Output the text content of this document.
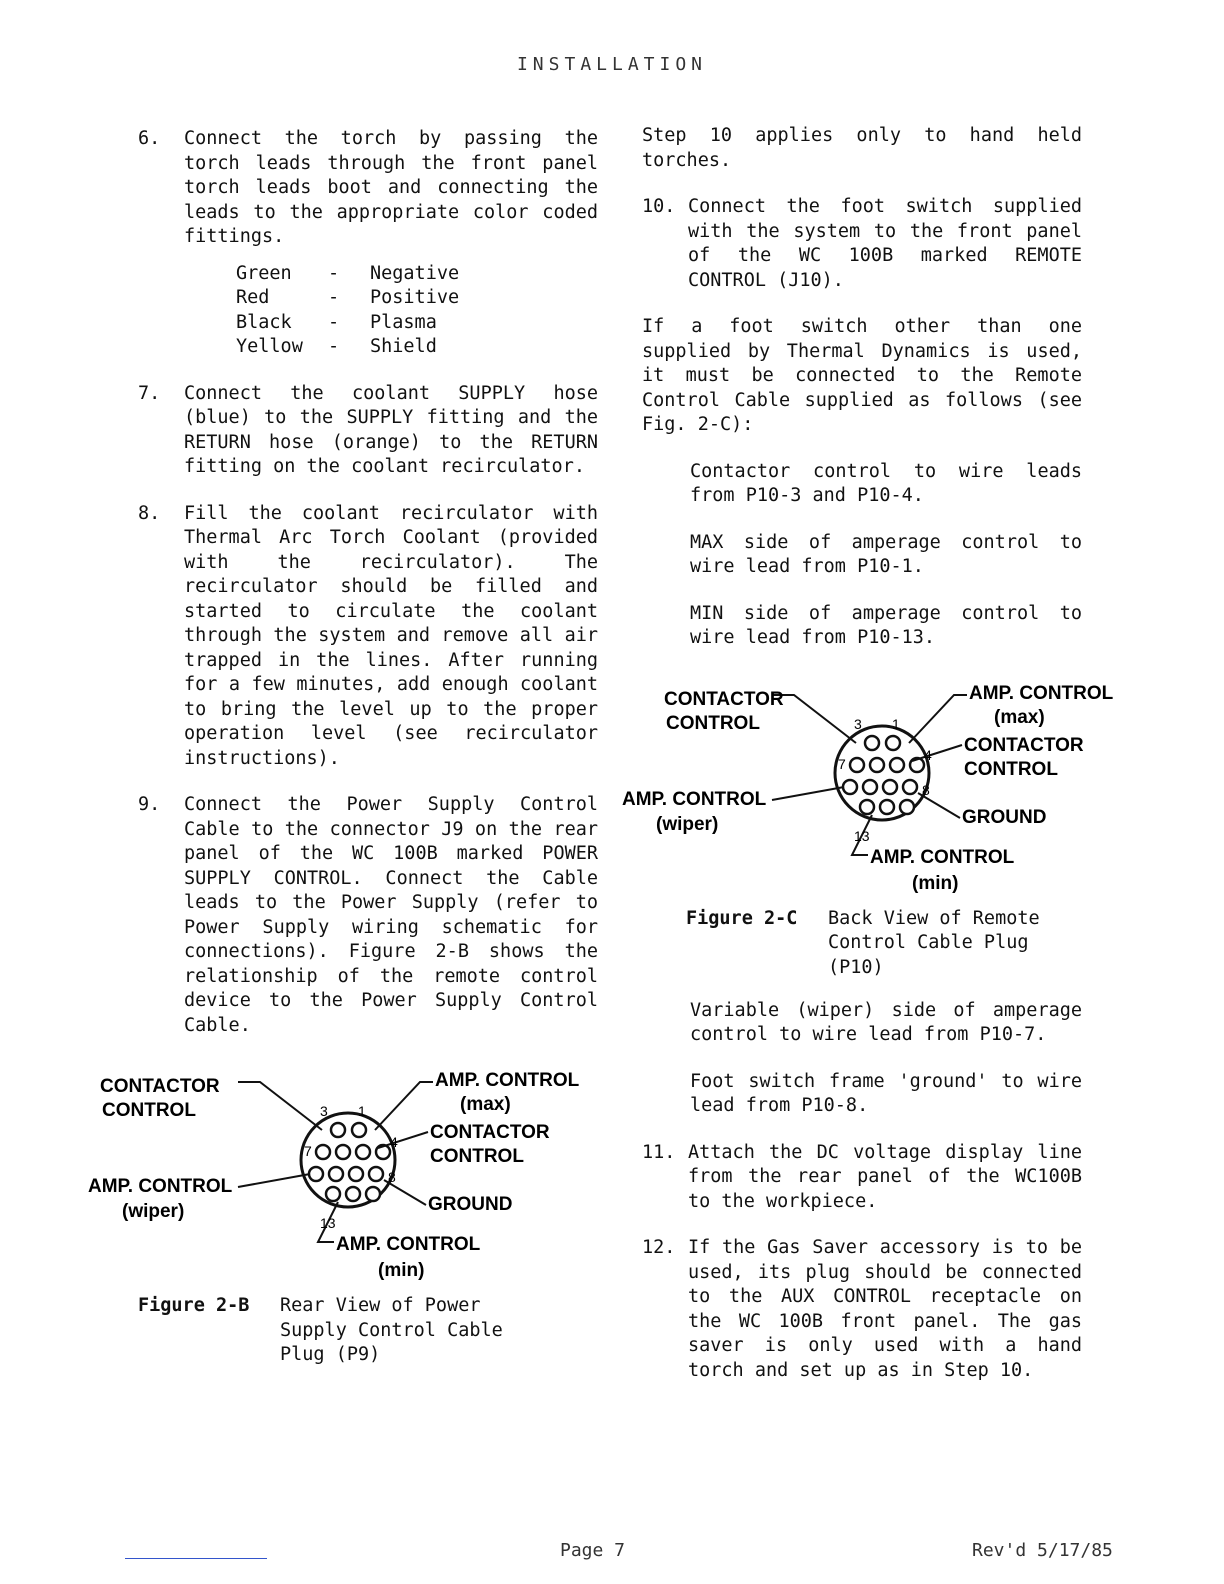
INSTALLATION
6. Connect the torch by passing the torch leads through the front panel torch leads boot and connecting the leads to the appropriate color coded fittings.

Green	-	Negative
Red	-	Positive
Black	-	Plasma
Yellow	-	Shield
7. Connect the coolant SUPPLY hose (blue) to the SUPPLY fitting and the RETURN hose (orange) to the RETURN fitting on the coolant recirculator.

8. Fill the coolant recirculator with Thermal Arc Torch Coolant (provided with the recirculator). The recirculator should be filled and started to circulate the coolant through the system and remove all air trapped in the lines. After running for a few minutes, add enough coolant to bring the level up to the proper operation level (see recirculator instructions).

9. Connect the Power Supply Control Cable to the connector J9 on the rear panel of the WC 100B marked POWER SUPPLY CONTROL. Connect the Cable leads to the Power Supply (refer to Power Supply wiring schematic for connections). Figure 2-B shows the relationship of the remote control device to the Power Supply Control Cable.

CONTACTOR
CONTROL
AMP. CONTROL
(max)
CONTACTOR
CONTROL
AMP. CONTROL
(wiper)	GROUND
AMP. CONTROL
(min)
3 1
4
7
8
13
Figure 2-B Rear View of Power Supply Control Cable Plug (P9)

Step 10 applies only to hand held torches.

10. Connect the foot switch supplied with the system to the front panel of the WC 100B marked REMOTE CONTROL (J10).

If a foot switch other than one supplied by Thermal Dynamics is used, it must be connected to the Remote Control Cable supplied as follows (see Fig. 2-C):

Contactor control to wire leads from P10-3 and P10-4.

MAX side of amperage control to wire lead from P10-1.

MIN side of amperage control to wire lead from P10-13.

CONTACTOR
CONTROL
AMP. CONTROL
(max)
CONTACTOR
CONTROL
AMP. CONTROL
(wiper)	GROUND
AMP. CONTROL
(min)
3 1
4
7
8
13
Figure 2-C Back View of Remote Control Cable Plug (P10)

Variable (wiper) side of amperage control to wire lead from P10-7.

Foot switch frame 'ground' to wire lead from P10-8.

11. Attach the DC voltage display line from the rear panel of the WC100B to the workpiece.

12. If the Gas Saver accessory is to be used, its plug should be connected to the AUX CONTROL receptacle on the WC 100B front panel. The gas saver is only used with a hand torch and set up as in Step 10.

Page 7	Rev'd 5/17/85
